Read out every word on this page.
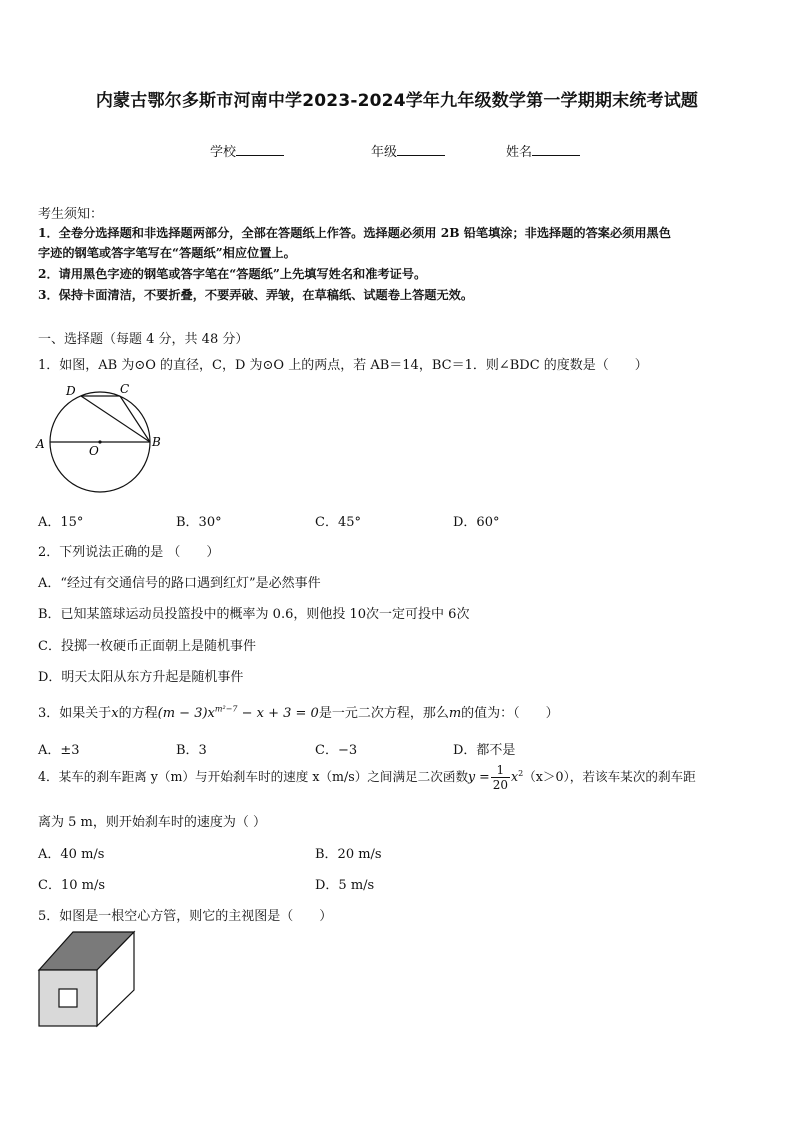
内蒙古鄂尔多斯市河南中学2023-2024学年九年级数学第一学期期末统考试题
学校	年级	姓名
考生须知：
1．全卷分选择题和非选择题两部分，全部在答题纸上作答。选择题必须用 2B 铅笔填涂；非选择题的答案必须用黑色
字迹的钢笔或答字笔写在“答题纸”相应位置上。
2．请用黑色字迹的钢笔或答字笔在“答题纸”上先填写姓名和准考证号。
3．保持卡面清洁，不要折叠，不要弄破、弄皱，在草稿纸、试题卷上答题无效。
一、选择题（每题 4 分，共 48 分）
1．如图，AB 为⊙O 的直径，C，D 为⊙O 上的两点，若 AB＝14，BC＝1．则∠BDC 的度数是（　　）
A	B
C
D
O
A．15°	B．30°	C．45°	D．60°
2．下列说法正确的是 （　　）
A．“经过有交通信号的路口遇到红灯”是必然事件
B．已知某篮球运动员投篮投中的概率为 0.6，则他投 10次一定可投中 6次
C．投掷一枚硬币正面朝上是随机事件
D．明天太阳从东方升起是随机事件
3．如果关于x的方程$(m - 3)x^{m^2-7} - x + 3 = 0$是一元二次方程，那么m的值为：（　　）
A．±3	B．3	C．−3	D．都不是
4．某车的刹车距离 y（m）与开始刹车时的速度 x（m/s）之间满足二次函数$y = \frac{1}{20} x^2(x>0)$，若该车某次的刹车距
离为 5 m，则开始刹车时的速度为（ ）
A．40 m/s	B．20 m/s
C．10 m/s	D．5 m/s
5．如图是一根空心方管，则它的主视图是（　　）
